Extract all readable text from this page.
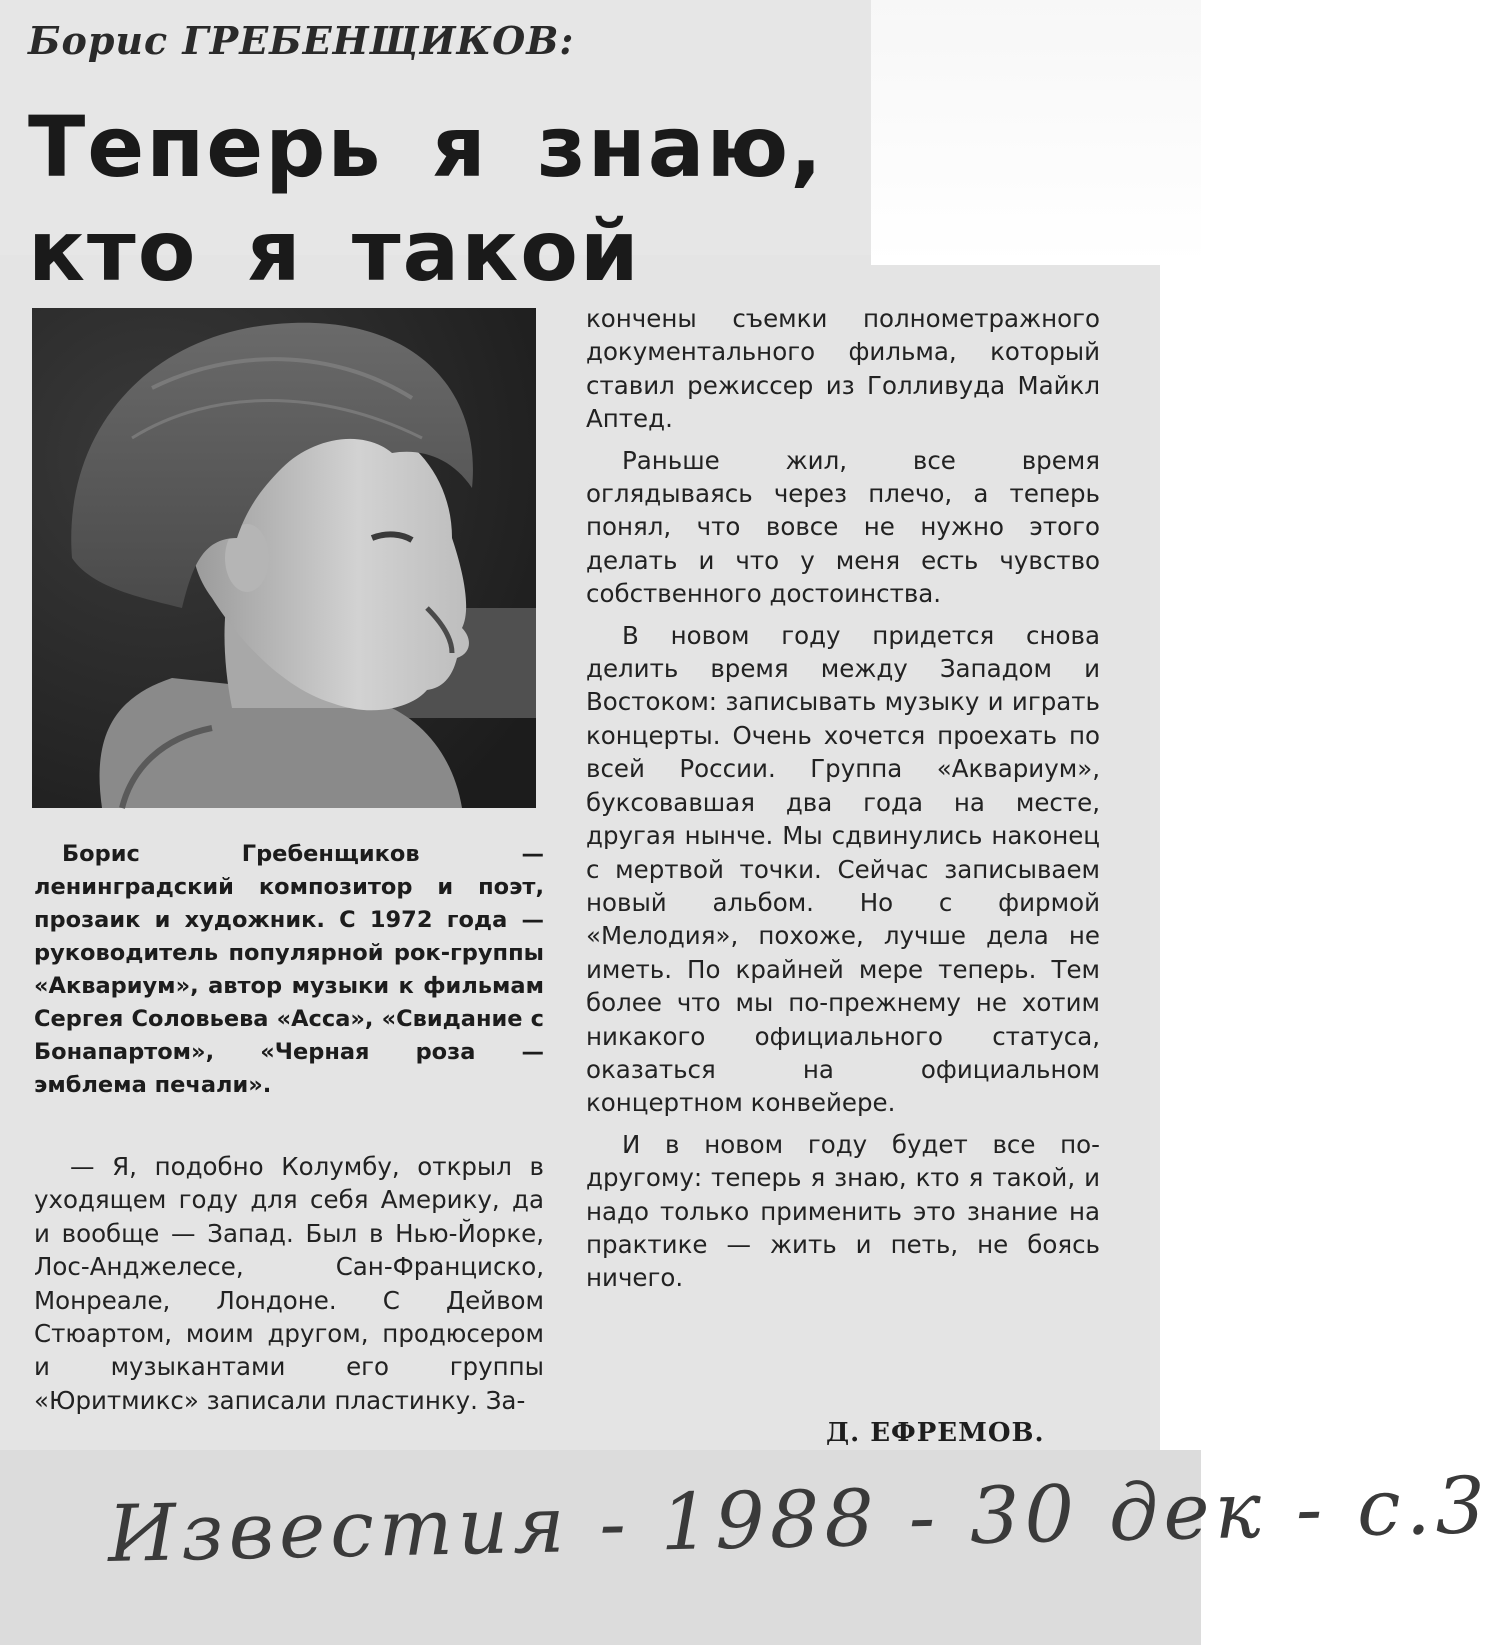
Борис ГРЕБЕНЩИКОВ:
Теперь я знаю,
кто я такой
Борис Гребенщиков — ленинградский композитор и поэт, прозаик и художник. С 1972 года — руководитель популярной рок-группы «Аквариум», автор музыки к фильмам Сергея Соловьева «Асса», «Свидание с Бонапартом», «Черная роза — эмблема печали».

— Я, подобно Колумбу, открыл в уходящем году для себя Америку, да и вообще — Запад. Был в Нью-Йорке, Лос-Анджелесе, Сан-Франциско, Монреале, Лондоне. С Дейвом Стюартом, моим другом, продюсером и музыкантами его группы «Юритмикс» записали пластинку. За-

кончены съемки полнометражного документального фильма, который ставил режиссер из Голливуда Майкл Аптед.

Раньше жил, все время оглядываясь через плечо, а теперь понял, что вовсе не нужно этого делать и что у меня есть чувство собственного достоинства.

В новом году придется снова делить время между Западом и Востоком: записывать музыку и играть концерты. Очень хочется проехать по всей России. Группа «Аквариум», буксовавшая два года на месте, другая нынче. Мы сдвинулись наконец с мертвой точки. Сейчас записываем новый альбом. Но с фирмой «Мелодия», похоже, лучше дела не иметь. По крайней мере теперь. Тем более что мы по-прежнему не хотим никакого официального статуса, оказаться на официальном концертном конвейере.

И в новом году будет все по-другому: теперь я знаю, кто я такой, и надо только применить это знание на практике — жить и петь, не боясь ничего.

Д. ЕФРЕМОВ.
Известия - 1988 - 30 дек - с.3
